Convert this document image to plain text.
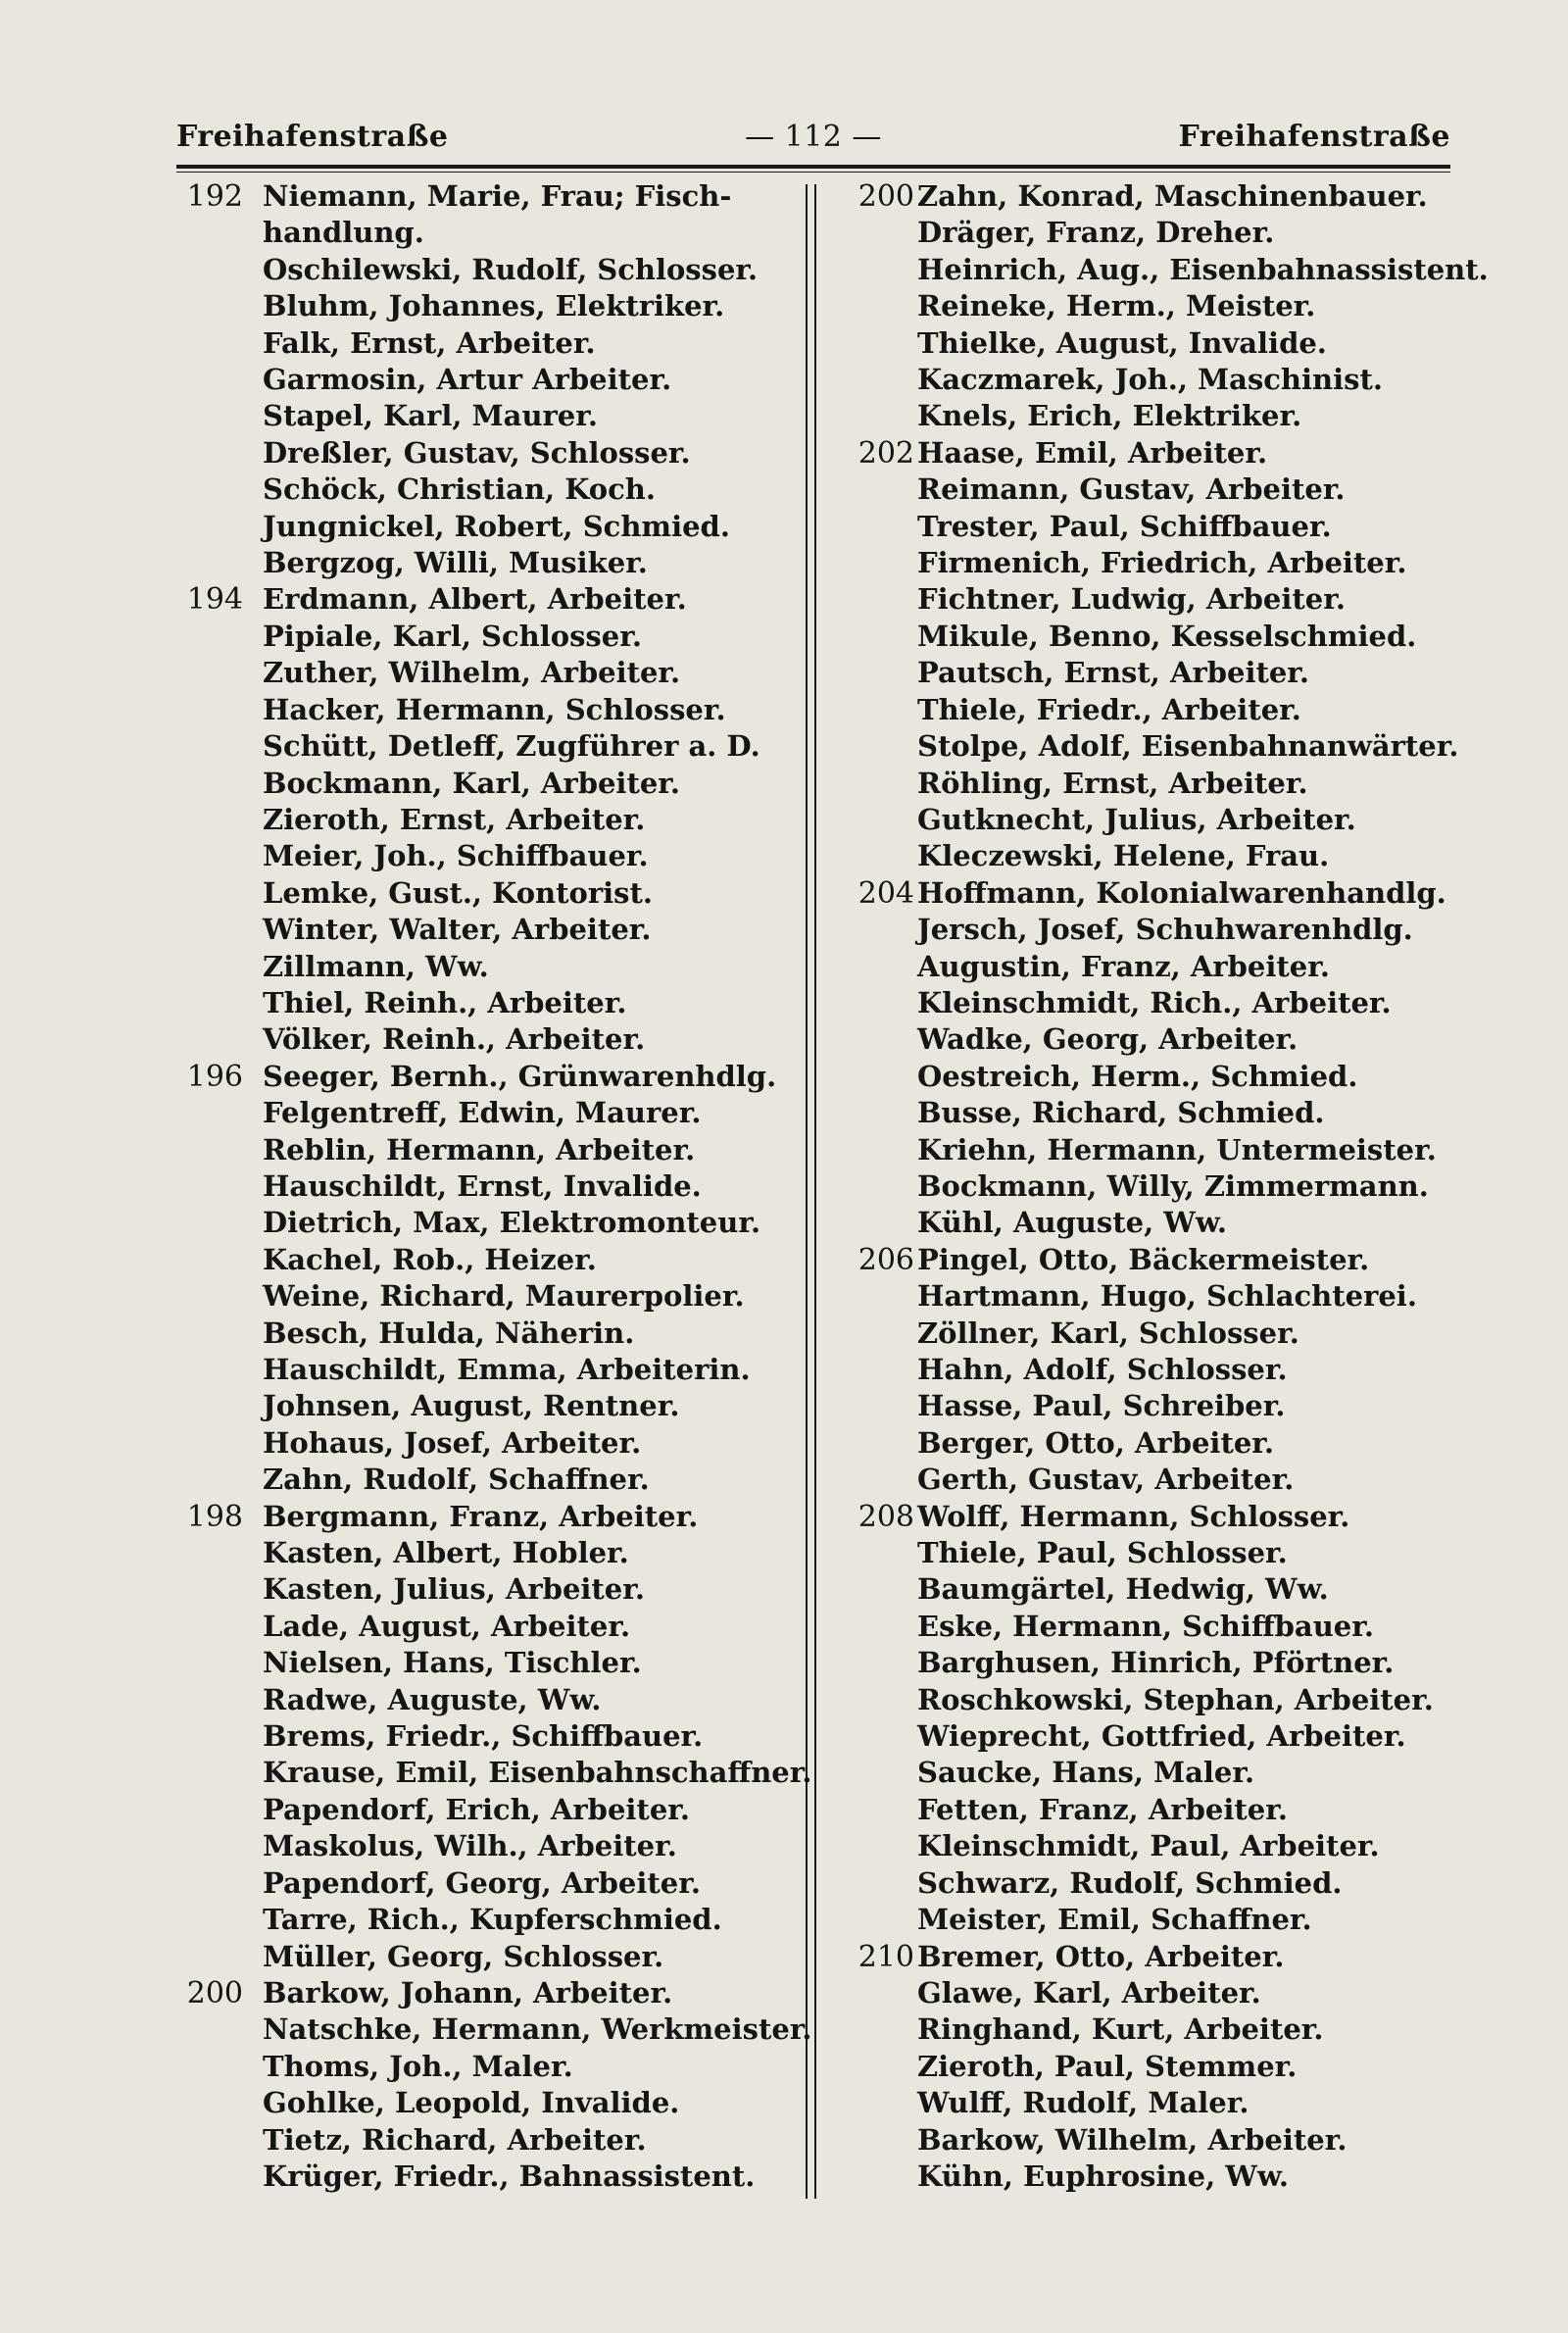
Freihafenstraße	— 112 —	Freihafenstraße
192 Niemann, Marie, Frau; Fisch-
handlung.
Oschilewski, Rudolf, Schlosser.
Bluhm, Johannes, Elektriker.
Falk, Ernst, Arbeiter.
Garmosin, Artur Arbeiter.
Stapel, Karl, Maurer.
Dreßler, Gustav, Schlosser.
Schöck, Christian, Koch.
Jungnickel, Robert, Schmied.
Bergzog, Willi, Musiker.
194 Erdmann, Albert, Arbeiter.
Pipiale, Karl, Schlosser.
Zuther, Wilhelm, Arbeiter.
Hacker, Hermann, Schlosser.
Schütt, Detleff, Zugführer a. D.
Bockmann, Karl, Arbeiter.
Zieroth, Ernst, Arbeiter.
Meier, Joh., Schiffbauer.
Lemke, Gust., Kontorist.
Winter, Walter, Arbeiter.
Zillmann, Ww.
Thiel, Reinh., Arbeiter.
Völker, Reinh., Arbeiter.
196 Seeger, Bernh., Grünwarenhdlg.
Felgentreff, Edwin, Maurer.
Reblin, Hermann, Arbeiter.
Hauschildt, Ernst, Invalide.
Dietrich, Max, Elektromonteur.
Kachel, Rob., Heizer.
Weine, Richard, Maurerpolier.
Besch, Hulda, Näherin.
Hauschildt, Emma, Arbeiterin.
Johnsen, August, Rentner.
Hohaus, Josef, Arbeiter.
Zahn, Rudolf, Schaffner.
198 Bergmann, Franz, Arbeiter.
Kasten, Albert, Hobler.
Kasten, Julius, Arbeiter.
Lade, August, Arbeiter.
Nielsen, Hans, Tischler.
Radwe, Auguste, Ww.
Brems, Friedr., Schiffbauer.
Krause, Emil, Eisenbahnschaffner.
Papendorf, Erich, Arbeiter.
Maskolus, Wilh., Arbeiter.
Papendorf, Georg, Arbeiter.
Tarre, Rich., Kupferschmied.
Müller, Georg, Schlosser.
200 Barkow, Johann, Arbeiter.
Natschke, Hermann, Werkmeister.
Thoms, Joh., Maler.
Gohlke, Leopold, Invalide.
Tietz, Richard, Arbeiter.
Krüger, Friedr., Bahnassistent.
200 Zahn, Konrad, Maschinenbauer.
Dräger, Franz, Dreher.
Heinrich, Aug., Eisenbahnassistent.
Reineke, Herm., Meister.
Thielke, August, Invalide.
Kaczmarek, Joh., Maschinist.
Knels, Erich, Elektriker.
202 Haase, Emil, Arbeiter.
Reimann, Gustav, Arbeiter.
Trester, Paul, Schiffbauer.
Firmenich, Friedrich, Arbeiter.
Fichtner, Ludwig, Arbeiter.
Mikule, Benno, Kesselschmied.
Pautsch, Ernst, Arbeiter.
Thiele, Friedr., Arbeiter.
Stolpe, Adolf, Eisenbahnanwärter.
Röhling, Ernst, Arbeiter.
Gutknecht, Julius, Arbeiter.
Kleczewski, Helene, Frau.
204 Hoffmann, Kolonialwarenhandlg.
Jersch, Josef, Schuhwarenhdlg.
Augustin, Franz, Arbeiter.
Kleinschmidt, Rich., Arbeiter.
Wadke, Georg, Arbeiter.
Oestreich, Herm., Schmied.
Busse, Richard, Schmied.
Kriehn, Hermann, Untermeister.
Bockmann, Willy, Zimmermann.
Kühl, Auguste, Ww.
206 Pingel, Otto, Bäckermeister.
Hartmann, Hugo, Schlachterei.
Zöllner, Karl, Schlosser.
Hahn, Adolf, Schlosser.
Hasse, Paul, Schreiber.
Berger, Otto, Arbeiter.
Gerth, Gustav, Arbeiter.
208 Wolff, Hermann, Schlosser.
Thiele, Paul, Schlosser.
Baumgärtel, Hedwig, Ww.
Eske, Hermann, Schiffbauer.
Barghusen, Hinrich, Pförtner.
Roschkowski, Stephan, Arbeiter.
Wieprecht, Gottfried, Arbeiter.
Saucke, Hans, Maler.
Fetten, Franz, Arbeiter.
Kleinschmidt, Paul, Arbeiter.
Schwarz, Rudolf, Schmied.
Meister, Emil, Schaffner.
210 Bremer, Otto, Arbeiter.
Glawe, Karl, Arbeiter.
Ringhand, Kurt, Arbeiter.
Zieroth, Paul, Stemmer.
Wulff, Rudolf, Maler.
Barkow, Wilhelm, Arbeiter.
Kühn, Euphrosine, Ww.
